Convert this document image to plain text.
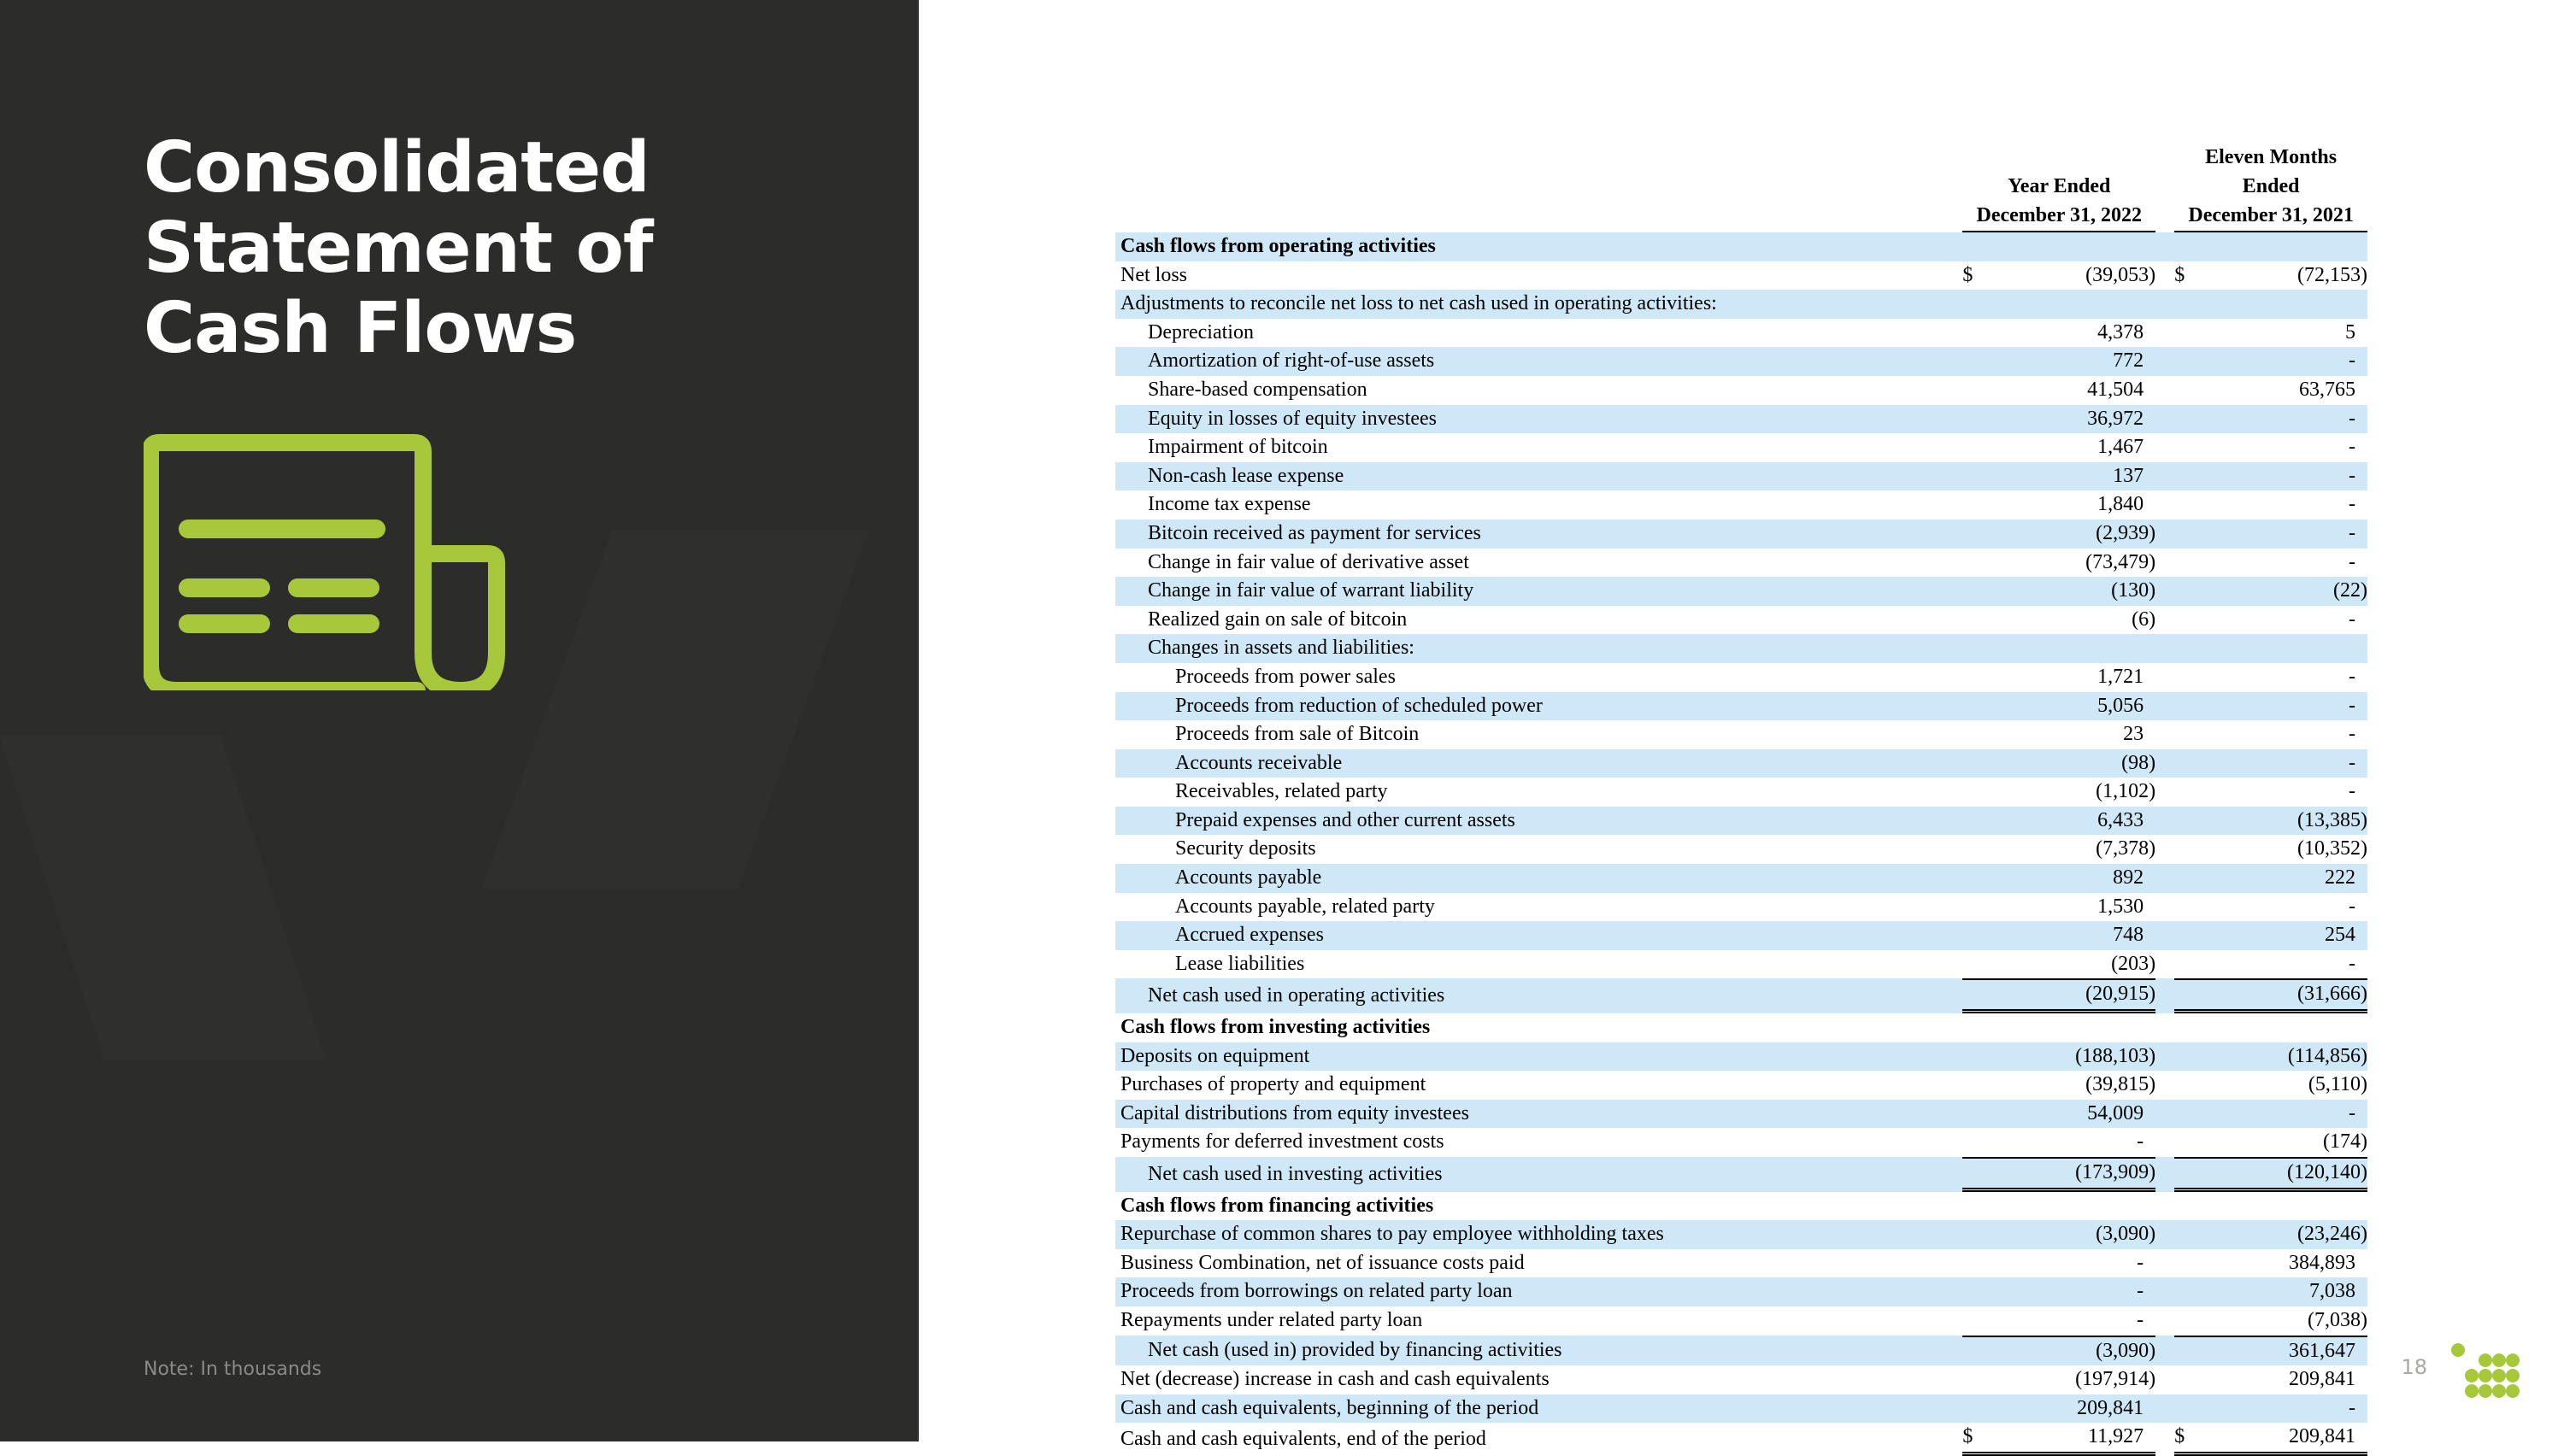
Consolidated
Statement of
Cash Flows
Note: In thousands
				Eleven Months	
	Year Ended			Ended	
	December 31, 2022			December 31, 2021	
Cash flows from operating activities					
Net loss	$	(39,053)		$	(72,153)
Adjustments to reconcile net loss to net cash used in operating activities:					
Depreciation		4,378			5
Amortization of right-of-use assets		772			-
Share-based compensation		41,504			63,765
Equity in losses of equity investees		36,972			-
Impairment of bitcoin		1,467			-
Non-cash lease expense		137			-
Income tax expense		1,840			-
Bitcoin received as payment for services		(2,939)			-
Change in fair value of derivative asset		(73,479)			-
Change in fair value of warrant liability		(130)			(22)
Realized gain on sale of bitcoin		(6)			-
Changes in assets and liabilities:					
Proceeds from power sales		1,721			-
Proceeds from reduction of scheduled power		5,056			-
Proceeds from sale of Bitcoin		23			-
Accounts receivable		(98)			-
Receivables, related party		(1,102)			-
Prepaid expenses and other current assets		6,433			(13,385)
Security deposits		(7,378)			(10,352)
Accounts payable		892			222
Accounts payable, related party		1,530			-
Accrued expenses		748			254
Lease liabilities		(203)			-
Net cash used in operating activities		(20,915)			(31,666)
Cash flows from investing activities					
Deposits on equipment		(188,103)			(114,856)
Purchases of property and equipment		(39,815)			(5,110)
Capital distributions from equity investees		54,009			-
Payments for deferred investment costs		-			(174)
Net cash used in investing activities		(173,909)			(120,140)
Cash flows from financing activities					
Repurchase of common shares to pay employee withholding taxes		(3,090)			(23,246)
Business Combination, net of issuance costs paid		-			384,893
Proceeds from borrowings on related party loan		-			7,038
Repayments under related party loan		-			(7,038)
Net cash (used in) provided by financing activities		(3,090)			361,647
Net (decrease) increase in cash and cash equivalents		(197,914)			209,841
Cash and cash equivalents, beginning of the period		209,841			-
Cash and cash equivalents, end of the period	$	11,927		$	209,841
18
